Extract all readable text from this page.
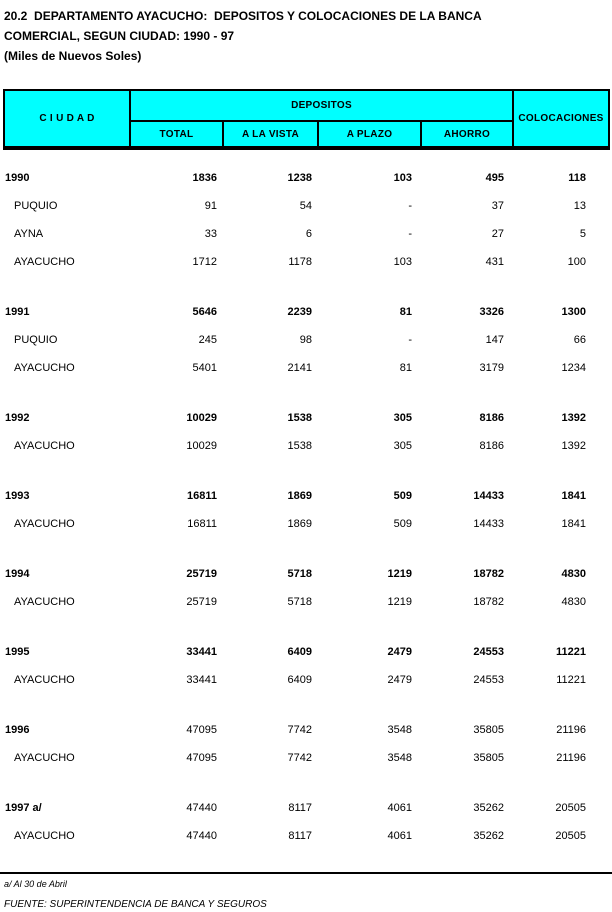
20.2  DEPARTAMENTO AYACUCHO:  DEPOSITOS Y COLOCACIONES DE LA BANCA
COMERCIAL, SEGUN CIUDAD: 1990 - 97
(Miles de Nuevos Soles)
C I U D A D
DEPOSITOS
COLOCACIONES
TOTAL	A LA VISTA	A PLAZO	AHORRO
1990	1836	1238	103	495	118
PUQUIO	91	54	-	37	13
AYNA	33	6	-	27	5
AYACUCHO	1712	1178	103	431	100
1991	5646	2239	81	3326	1300
PUQUIO	245	98	-	147	66
AYACUCHO	5401	2141	81	3179	1234
1992	10029	1538	305	8186	1392
AYACUCHO	10029	1538	305	8186	1392
1993	16811	1869	509	14433	1841
AYACUCHO	16811	1869	509	14433	1841
1994	25719	5718	1219	18782	4830
AYACUCHO	25719	5718	1219	18782	4830
1995	33441	6409	2479	24553	11221
AYACUCHO	33441	6409	2479	24553	11221
1996	47095	7742	3548	35805	21196
AYACUCHO	47095	7742	3548	35805	21196
1997 a/	47440	8117	4061	35262	20505
AYACUCHO	47440	8117	4061	35262	20505
a/ Al 30 de Abril
FUENTE: SUPERINTENDENCIA DE BANCA Y SEGUROS
